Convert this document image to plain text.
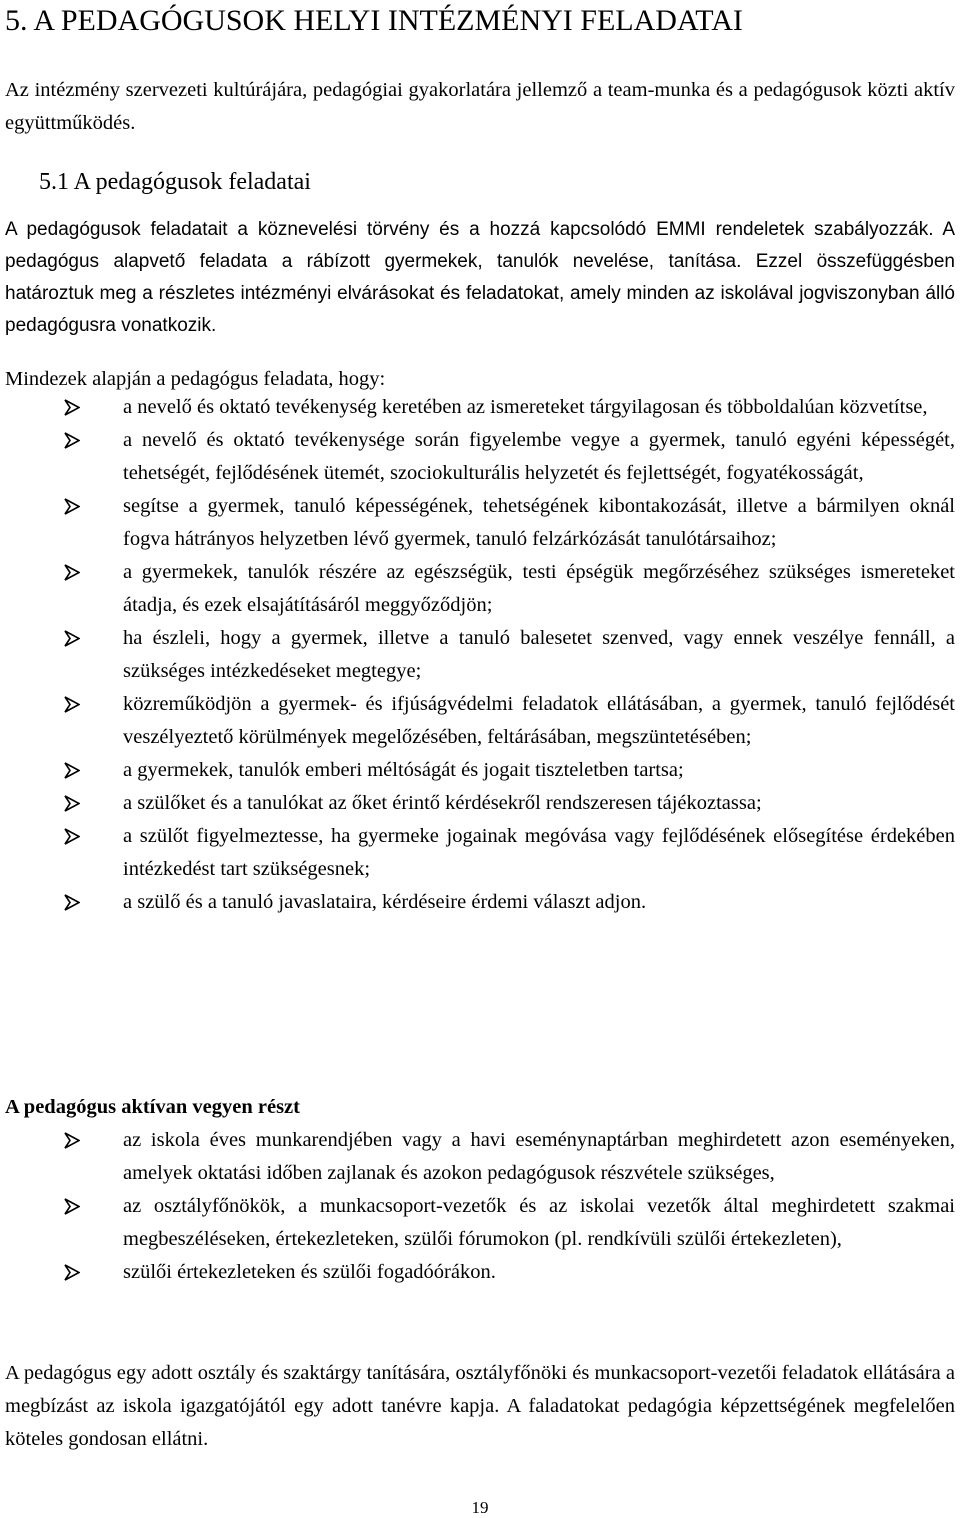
5. A PEDAGÓGUSOK HELYI INTÉZMÉNYI FELADATAI

Az intézmény szervezeti kultúrájára, pedagógiai gyakorlatára jellemző a team-munka és a pedagógusok közti aktív együttműködés.

5.1 A pedagógusok feladatai

A pedagógusok feladatait a köznevelési törvény és a hozzá kapcsolódó EMMI rendeletek szabályozzák. A pedagógus alapvető feladata a rábízott gyermekek, tanulók nevelése, tanítása. Ezzel összefüggésben határoztuk meg a részletes intézményi elvárásokat és feladatokat, amely minden az iskolával jogviszonyban álló pedagógusra vonatkozik.

Mindezek alapján a pedagógus feladata, hogy:

a nevelő és oktató tevékenység keretében az ismereteket tárgyilagosan és többoldalúan közvetítse,
a nevelő és oktató tevékenysége során figyelembe vegye a gyermek, tanuló egyéni képességét, tehetségét, fejlődésének ütemét, szociokulturális helyzetét és fejlettségét, fogyatékosságát,
segítse a gyermek, tanuló képességének, tehetségének kibontakozását, illetve a bármilyen oknál fogva hátrányos helyzetben lévő gyermek, tanuló felzárkózását tanulótársaihoz;
a gyermekek, tanulók részére az egészségük, testi épségük megőrzéséhez szükséges ismereteket átadja, és ezek elsajátításáról meggyőződjön;
ha észleli, hogy a gyermek, illetve a tanuló balesetet szenved, vagy ennek veszélye fennáll, a szükséges intézkedéseket megtegye;
közreműködjön a gyermek- és ifjúságvédelmi feladatok ellátásában, a gyermek, tanuló fejlődését veszélyeztető körülmények megelőzésében, feltárásában, megszüntetésében;
a gyermekek, tanulók emberi méltóságát és jogait tiszteletben tartsa;
a szülőket és a tanulókat az őket érintő kérdésekről rendszeresen tájékoztassa;
a szülőt figyelmeztesse, ha gyermeke jogainak megóvása vagy fejlődésének elősegítése érdekében intézkedést tart szükségesnek;
a szülő és a tanuló javaslataira, kérdéseire érdemi választ adjon.

A pedagógus aktívan vegyen részt

az iskola éves munkarendjében vagy a havi eseménynaptárban meghirdetett azon eseményeken, amelyek oktatási időben zajlanak és azokon pedagógusok részvétele szükséges,
az osztályfőnökök, a munkacsoport-vezetők és az iskolai vezetők által meghirdetett szakmai megbeszéléseken, értekezleteken, szülői fórumokon (pl. rendkívüli szülői értekezleten),
szülői értekezleteken és szülői fogadóórákon.

A pedagógus egy adott osztály és szaktárgy tanítására, osztályfőnöki és munkacsoport-vezetői feladatok ellátására a megbízást az iskola igazgatójától egy adott tanévre kapja. A faladatokat pedagógia képzettségének megfelelően köteles gondosan ellátni.

19
